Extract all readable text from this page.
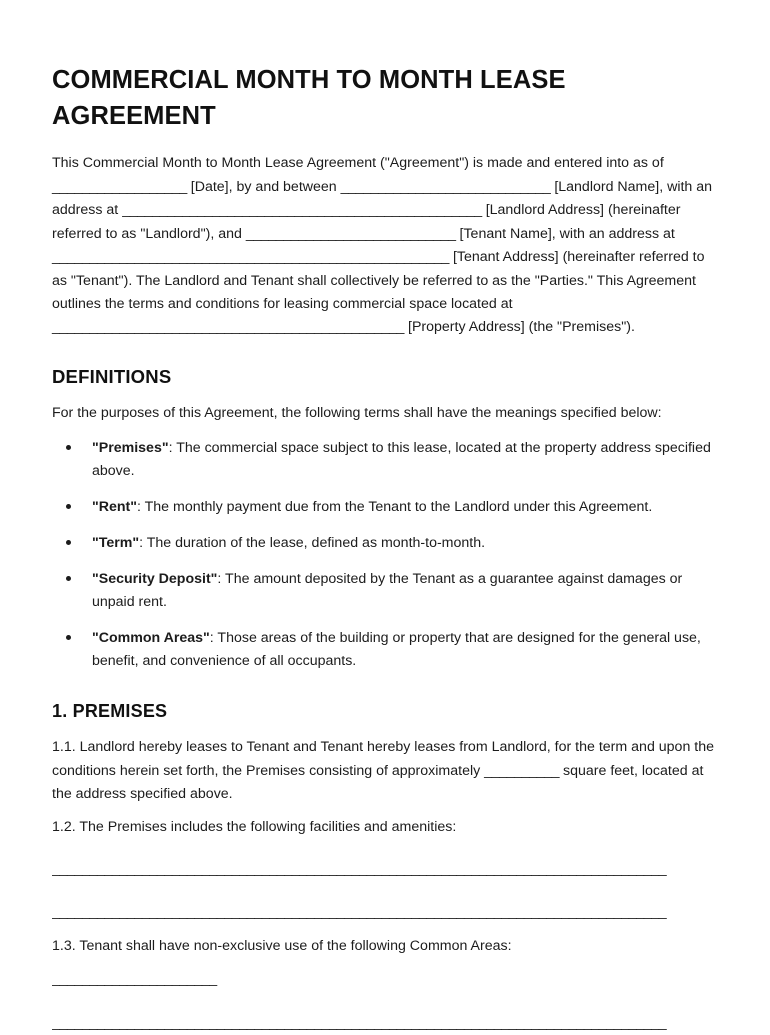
COMMERCIAL MONTH TO MONTH LEASE AGREEMENT

This Commercial Month to Month Lease Agreement ("Agreement") is made and entered into as of __________________ [Date], by and between ____________________________ [Landlord Name], with an address at ________________________________________________ [Landlord Address] (hereinafter referred to as "Landlord"), and ____________________________ [Tenant Name], with an address at _____________________________________________________ [Tenant Address] (hereinafter referred to as "Tenant"). The Landlord and Tenant shall collectively be referred to as the "Parties." This Agreement outlines the terms and conditions for leasing commercial space located at _______________________________________________ [Property Address] (the "Premises").

DEFINITIONS

For the purposes of this Agreement, the following terms shall have the meanings specified below:

"Premises": The commercial space subject to this lease, located at the property address specified above.
"Rent": The monthly payment due from the Tenant to the Landlord under this Agreement.
"Term": The duration of the lease, defined as month-to-month.
"Security Deposit": The amount deposited by the Tenant as a guarantee against damages or unpaid rent.
"Common Areas": Those areas of the building or property that are designed for the general use, benefit, and convenience of all occupants.
1. PREMISES

1.1. Landlord hereby leases to Tenant and Tenant hereby leases from Landlord, for the term and upon the conditions herein set forth, the Premises consisting of approximately __________ square feet, located at the address specified above.

1.2. The Premises includes the following facilities and amenities:

__________________________________________________________________________________
__________________________________________________________________________________

1.3. Tenant shall have non-exclusive use of the following Common Areas:

______________________
__________________________________________________________________________________
